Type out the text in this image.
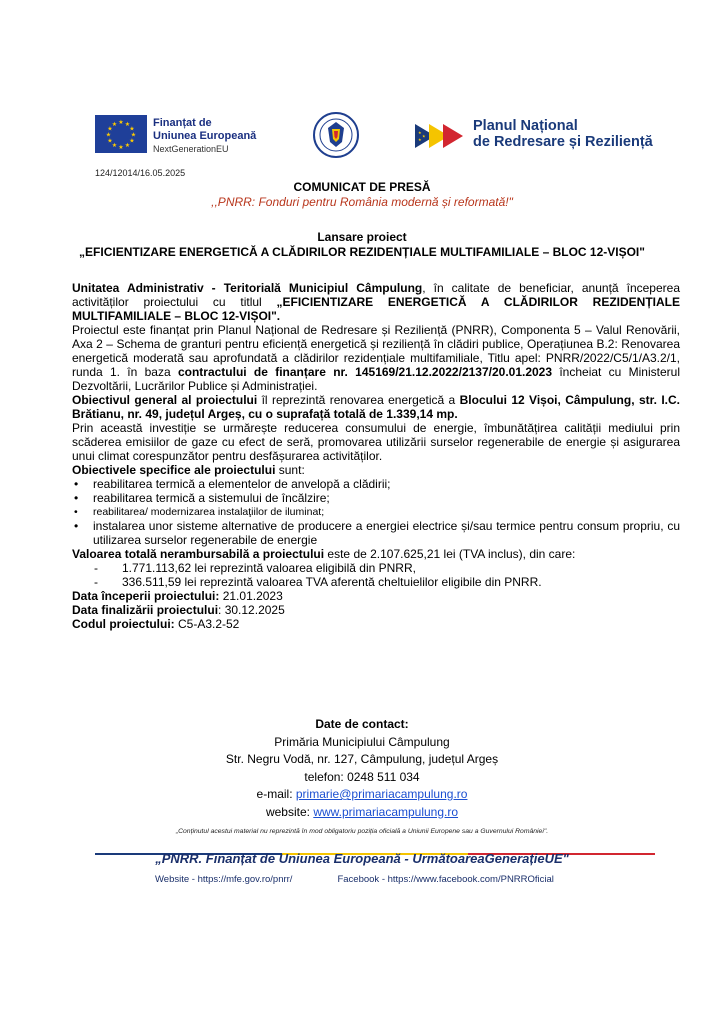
★ ★
★
★
★
★
★
★
★
★
★
★	Finanțat de
Uniunea Europeană
NextGenerationEU
★
★
★
Planul Național
de Redresare și Reziliență
124/12014/16.05.2025
COMUNICAT DE PRESĂ
,,PNRR: Fonduri pentru România modernă și reformată!"
Lansare proiect
„EFICIENTIZARE ENERGETICĂ A CLĂDIRILOR REZIDENȚIALE MULTIFAMILIALE – BLOC 12-VIȘOI"

Unitatea Administrativ - Teritorială Municipiul Câmpulung, în calitate de beneficiar, anunță începerea activităților proiectului cu titlul „EFICIENTIZARE ENERGETICĂ A CLĂDIRILOR REZIDENȚIALE MULTIFAMILIALE – BLOC 12-VIȘOI".

Proiectul este finanțat prin Planul Național de Redresare și Reziliență (PNRR), Componenta 5 – Valul Renovării, Axa 2 – Schema de granturi pentru eficiență energetică și reziliență în clădiri publice, Operațiunea B.2: Renovarea energetică moderată sau aprofundată a clădirilor rezidențiale multifamiliale, Titlu apel: PNRR/2022/C5/1/A3.2/1, runda 1. în baza contractului de finanțare nr. 145169/21.12.2022/2137/20.01.2023 încheiat cu Ministerul Dezvoltării, Lucrărilor Publice și Administrației.

Obiectivul general al proiectului îl reprezintă renovarea energetică a Blocului 12 Vișoi, Câmpulung, str. I.C. Brătianu, nr. 49, județul Argeș, cu o suprafață totală de 1.339,14 mp.

Prin această investiție se urmărește reducerea consumului de energie, îmbunătățirea calității mediului prin scăderea emisiilor de gaze cu efect de seră, promovarea utilizării surselor regenerabile de energie și asigurarea unui climat corespunzător pentru desfășurarea activităților.

Obiectivele specifice ale proiectului sunt:

• reabilitarea termică a elementelor de anvelopă a clădirii;
• reabilitarea termică a sistemului de încălzire;
• reabilitarea/ modernizarea instalaţiilor de iluminat;
• instalarea unor sisteme alternative de producere a energiei electrice și/sau termice pentru consum propriu, cu utilizarea surselor regenerabile de energie

Valoarea totală nerambursabilă a proiectului este de 2.107.625,21 lei (TVA inclus), din care:

- 1.771.113,62 lei reprezintă valoarea eligibilă din PNRR,
- 336.511,59 lei reprezintă valoarea TVA aferentă cheltuielilor eligibile din PNRR.

Data începerii proiectului: 21.01.2023

Data finalizării proiectului: 30.12.2025

Codul proiectului: C5-A3.2-52

Date de contact:
Primăria Municipiului Câmpulung
Str. Negru Vodă, nr. 127, Câmpulung, județul Argeș
telefon: 0248 511 034
e-mail: primarie@primariacampulung.ro
website: www.primariacampulung.ro
„Conținutul acestui material nu reprezintă în mod obligatoriu poziția oficială a Uniunii Europene sau a Guvernului României".
„PNRR. Finanțat de Uniunea Europeană - UrmătoareaGenerațieUE"
Website - https://mfe.gov.ro/pnrr/	Facebook - https://www.facebook.com/PNRROficial
